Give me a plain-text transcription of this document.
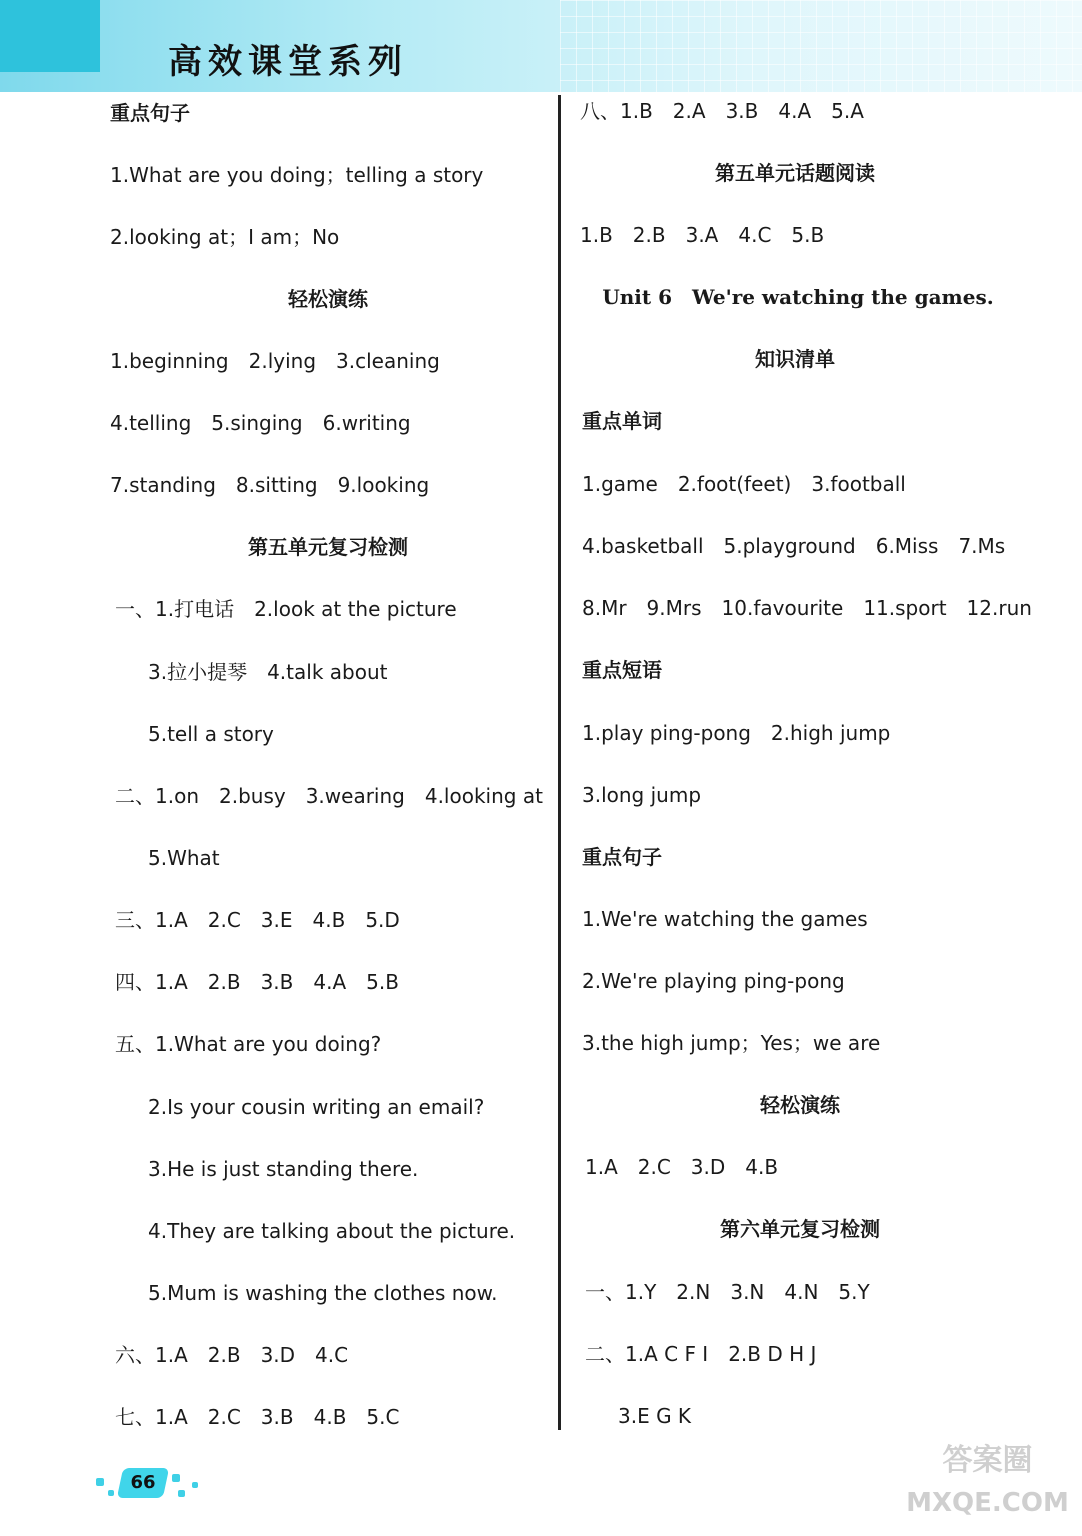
高效课堂系列
重点句子
1.What are you doing；telling a story
2.looking at；I am；No
轻松演练
1.beginning　2.lying　3.cleaning
4.telling　5.singing　6.writing
7.standing　8.sitting　9.looking
第五单元复习检测
一、1.打电话　2.look at the picture
3.拉小提琴　4.talk about
5.tell a story
二、1.on　2.busy　3.wearing　4.looking at
5.What
三、1.A　2.C　3.E　4.B　5.D
四、1.A　2.B　3.B　4.A　5.B
五、1.What are you doing?
2.Is your cousin writing an email?
3.He is just standing there.
4.They are talking about the picture.
5.Mum is washing the clothes now.
六、1.A　2.B　3.D　4.C
七、1.A　2.C　3.B　4.B　5.C
八、1.B　2.A　3.B　4.A　5.A
第五单元话题阅读
1.B　2.B　3.A　4.C　5.B
Unit 6　We're watching the games.
知识清单
重点单词
1.game　2.foot(feet)　3.football
4.basketball　5.playground　6.Miss　7.Ms
8.Mr　9.Mrs　10.favourite　11.sport　12.run
重点短语
1.play ping-pong　2.high jump
3.long jump
重点句子
1.We're watching the games
2.We're playing ping-pong
3.the high jump；Yes；we are
轻松演练
1.A　2.C　3.D　4.B
第六单元复习检测
一、1.Y　2.N　3.N　4.N　5.Y
二、1.A C F I　2.B D H J
3.E G K
66
答案圈
MXQE.COM
